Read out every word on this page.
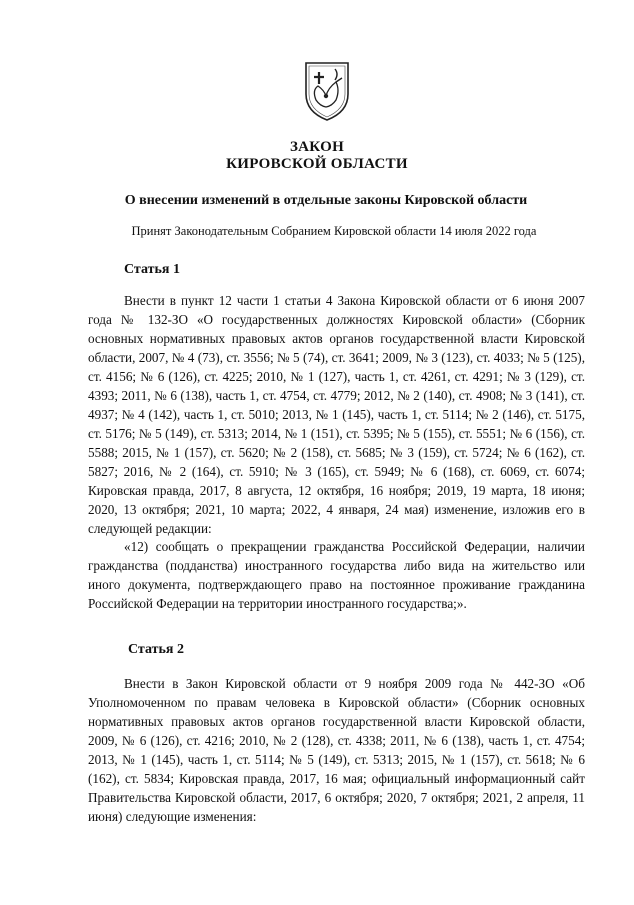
ЗАКОН
КИРОВСКОЙ ОБЛАСТИ
О внесении изменений в отдельные законы Кировской области
Принят Законодательным Собранием Кировской области 14 июля 2022 года
Статья 1

Внести в пункт 12 части 1 статьи 4 Закона Кировской области от 6 июня 2007 года № 132-ЗО «О государственных должностях Кировской области» (Сборник основных нормативных правовых актов органов государственной власти Кировской области, 2007, № 4 (73), ст. 3556; № 5 (74), ст. 3641; 2009, № 3 (123), ст. 4033; № 5 (125), ст. 4156; № 6 (126), ст. 4225; 2010, № 1 (127), часть 1, ст. 4261, ст. 4291; № 3 (129), ст. 4393; 2011, № 6 (138), часть 1, ст. 4754, ст. 4779; 2012, № 2 (140), ст. 4908; № 3 (141), ст. 4937; № 4 (142), часть 1, ст. 5010; 2013, № 1 (145), часть 1, ст. 5114; № 2 (146), ст. 5175, ст. 5176; № 5 (149), ст. 5313; 2014, № 1 (151), ст. 5395; № 5 (155), ст. 5551; № 6 (156), ст. 5588; 2015, № 1 (157), ст. 5620; № 2 (158), ст. 5685; № 3 (159), ст. 5724; № 6 (162), ст. 5827; 2016, № 2 (164), ст. 5910; № 3 (165), ст. 5949; № 6 (168), ст. 6069, ст. 6074; Кировская правда, 2017, 8 августа, 12 октября, 16 ноября; 2019, 19 марта, 18 июня; 2020, 13 октября; 2021, 10 марта; 2022, 4 января, 24 мая) изменение, изложив его в следующей редакции:

«12) сообщать о прекращении гражданства Российской Федерации, наличии гражданства (подданства) иностранного государства либо вида на жительство или иного документа, подтверждающего право на постоянное проживание гражданина Российской Федерации на территории иностранного государства;».

Статья 2

Внести в Закон Кировской области от 9 ноября 2009 года № 442-ЗО «Об Уполномоченном по правам человека в Кировской области» (Сборник основных нормативных правовых актов органов государственной власти Кировской области, 2009, № 6 (126), ст. 4216; 2010, № 2 (128), ст. 4338; 2011, № 6 (138), часть 1, ст. 4754; 2013, № 1 (145), часть 1, ст. 5114; № 5 (149), ст. 5313; 2015, № 1 (157), ст. 5618; № 6 (162), ст. 5834; Кировская правда, 2017, 16 мая; официальный информационный сайт Правительства Кировской области, 2017, 6 октября; 2020, 7 октября; 2021, 2 апреля, 11 июня) следующие изменения:
